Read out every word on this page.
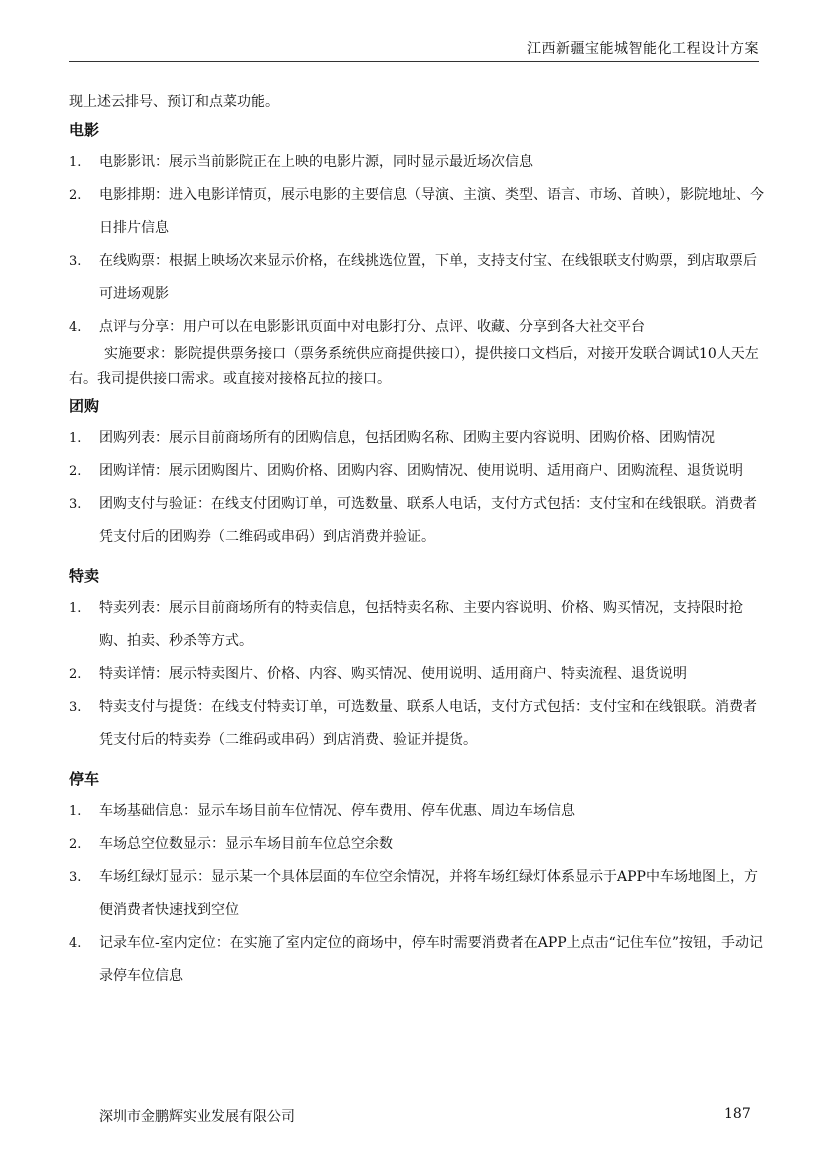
江西新疆宝能城智能化工程设计方案

现上述云排号、预订和点菜功能。

电影
1. 电影影讯：展示当前影院正在上映的电影片源，同时显示最近场次信息
2. 电影排期：进入电影详情页，展示电影的主要信息（导演、主演、类型、语言、市场、首映），影院地址、今日排片信息
3. 在线购票：根据上映场次来显示价格，在线挑选位置，下单，支持支付宝、在线银联支付购票，到店取票后可进场观影
4. 点评与分享：用户可以在电影影讯页面中对电影打分、点评、收藏、分享到各大社交平台

实施要求：影院提供票务接口（票务系统供应商提供接口），提供接口文档后，对接开发联合调试10人天左右。我司提供接口需求。或直接对接格瓦拉的接口。

团购
1. 团购列表：展示目前商场所有的团购信息，包括团购名称、团购主要内容说明、团购价格、团购情况
2. 团购详情：展示团购图片、团购价格、团购内容、团购情况、使用说明、适用商户、团购流程、退货说明
3. 团购支付与验证：在线支付团购订单，可选数量、联系人电话，支付方式包括：支付宝和在线银联。消费者凭支付后的团购券（二维码或串码）到店消费并验证。
特卖
1. 特卖列表：展示目前商场所有的特卖信息，包括特卖名称、主要内容说明、价格、购买情况，支持限时抢购、拍卖、秒杀等方式。
2. 特卖详情：展示特卖图片、价格、内容、购买情况、使用说明、适用商户、特卖流程、退货说明
3. 特卖支付与提货：在线支付特卖订单，可选数量、联系人电话，支付方式包括：支付宝和在线银联。消费者凭支付后的特卖券（二维码或串码）到店消费、验证并提货。
停车
1. 车场基础信息：显示车场目前车位情况、停车费用、停车优惠、周边车场信息
2. 车场总空位数显示：显示车场目前车位总空余数
3. 车场红绿灯显示：显示某一个具体层面的车位空余情况，并将车场红绿灯体系显示于APP中车场地图上，方便消费者快速找到空位
4. 记录车位-室内定位：在实施了室内定位的商场中，停车时需要消费者在APP上点击“记住车位”按钮，手动记录停车位信息
深圳市金鹏辉实业发展有限公司	187
